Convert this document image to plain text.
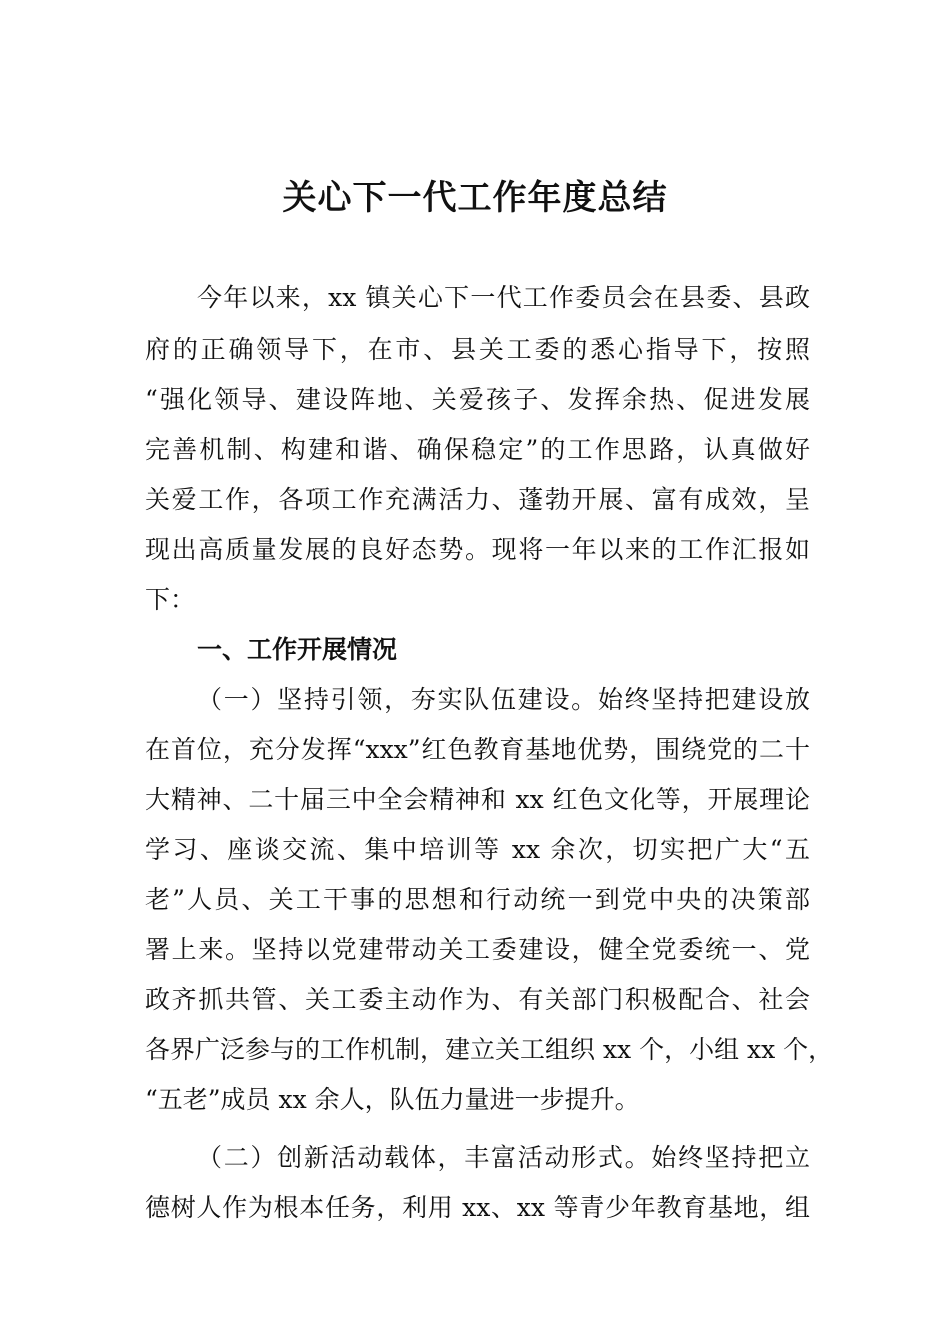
关心下一代工作年度总结
今年以来，xx 镇关心下一代工作委员会在县委、县政
府的正确领导下，在市、县关工委的悉心指导下，按照
“强化领导、建设阵地、关爱孩子、发挥余热、促进发展
完善机制、构建和谐、确保稳定”的工作思路，认真做好
关爱工作，各项工作充满活力、蓬勃开展、富有成效，呈
现出高质量发展的良好态势。现将一年以来的工作汇报如
下：
一、工作开展情况
（一）坚持引领，夯实队伍建设。始终坚持把建设放
在首位，充分发挥“xxx”红色教育基地优势，围绕党的二十
大精神、二十届三中全会精神和 xx 红色文化等，开展理论
学习、座谈交流、集中培训等 xx 余次，切实把广大“五
老”人员、关工干事的思想和行动统一到党中央的决策部
署上来。坚持以党建带动关工委建设，健全党委统一、党
政齐抓共管、关工委主动作为、有关部门积极配合、社会
各界广泛参与的工作机制，建立关工组织 xx 个，小组 xx 个，
“五老”成员 xx 余人，队伍力量进一步提升。
（二）创新活动载体，丰富活动形式。始终坚持把立
德树人作为根本任务，利用 xx、xx 等青少年教育基地，组
